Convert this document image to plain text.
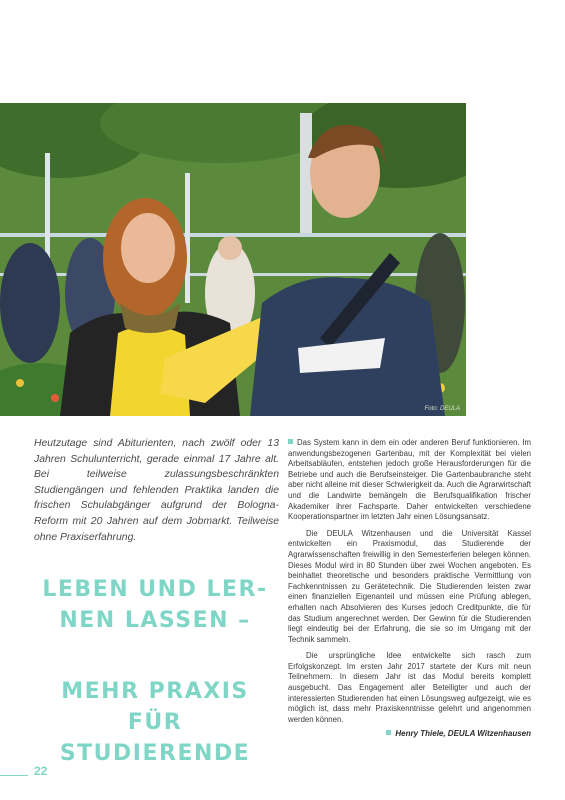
Foto: DEULA
Heutzutage sind Abiturienten, nach zwölf oder 13 Jahren Schulunterricht, gerade einmal 17 Jahre alt. Bei teilweise zulassungsbeschränkten Studiengängen und fehlenden Praktika landen die frischen Schulabgänger aufgrund der Bologna-Reform mit 20 Jahren auf dem Jobmarkt. Teilweise ohne Praxiserfahrung.
LEBEN UND LER-
NEN LASSEN –
MEHR PRAXIS FÜR
STUDIERENDE

Das System kann in dem ein oder anderen Beruf funktionieren. Im anwendungsbezogenen Gartenbau, mit der Komplexität bei vielen Arbeitsabläufen, entstehen jedoch große Herausforderungen für die Betriebe und auch die Berufseinsteiger. Die Gartenbaubranche steht aber nicht alleine mit dieser Schwierigkeit da. Auch die Agrarwirtschaft und die Landwirte bemängeln die Berufsqualifikation frischer Akademiker ihrer Fachsparte. Daher entwickelten verschiedene Kooperationspartner im letzten Jahr einen Lösungsansatz.

Die DEULA Witzenhausen und die Universität Kassel entwickelten ein Praxismodul, das Studierende der Agrarwissenschaften freiwillig in den Semesterferien belegen können. Dieses Modul wird in 80 Stunden über zwei Wochen angeboten. Es beinhaltet theoretische und besonders praktische Vermittlung von Fachkenntnissen zu Gerätetechnik. Die Studierenden leisten zwar einen finanziellen Eigenanteil und müssen eine Prüfung ablegen, erhalten nach Absolvieren des Kurses jedoch Creditpunkte, die für das Studium angerechnet werden. Der Gewinn für die Studierenden liegt eindeutig bei der Erfahrung, die sie so im Umgang mit der Technik sammeln.

Die ursprüngliche Idee entwickelte sich rasch zum Erfolgskonzept. Im ersten Jahr 2017 startete der Kurs mit neun Teilnehmern. In diesem Jahr ist das Modul bereits komplett ausgebucht. Das Engagement aller Beteiligter und auch der interessierten Studierenden hat einen Lösungsweg aufgezeigt, wie es möglich ist, dass mehr Praxiskenntnisse gelehrt und angenommen werden können.

Henry Thiele, DEULA Witzenhausen
22
